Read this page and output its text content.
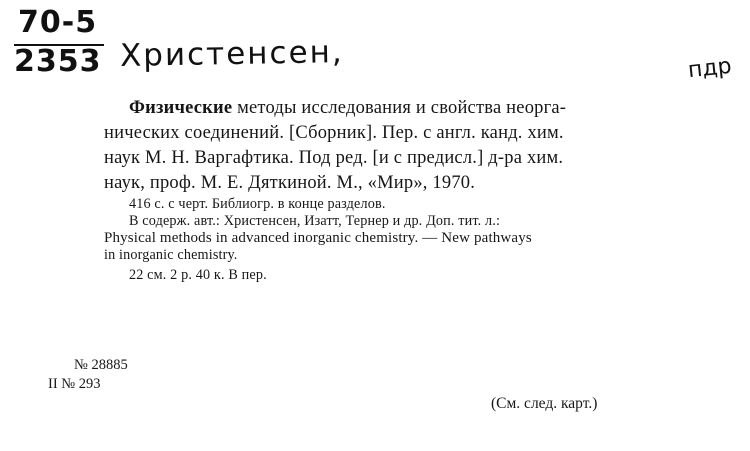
70-5
2353 Христенсен,	пдр
Физические методы исследования и свойства неорга-
нических соединений. [Сборник]. Пер. с англ. канд. хим.
наук М. Н. Варгафтика. Под ред. [и с предисл.] д-ра хим.
наук, проф. М. Е. Дяткиной. М., «Мир», 1970.
416 с. с черт. Библиогр. в конце разделов.
В содерж. авт.: Христенсен, Изатт, Тернер и др. Доп. тит. л.:
Physical methods in advanced inorganic chemistry. — New pathways
in inorganic chemistry.
22 см. 2 р. 40 к. В пер.
№ 28885
II № 293
(См. след. карт.)
